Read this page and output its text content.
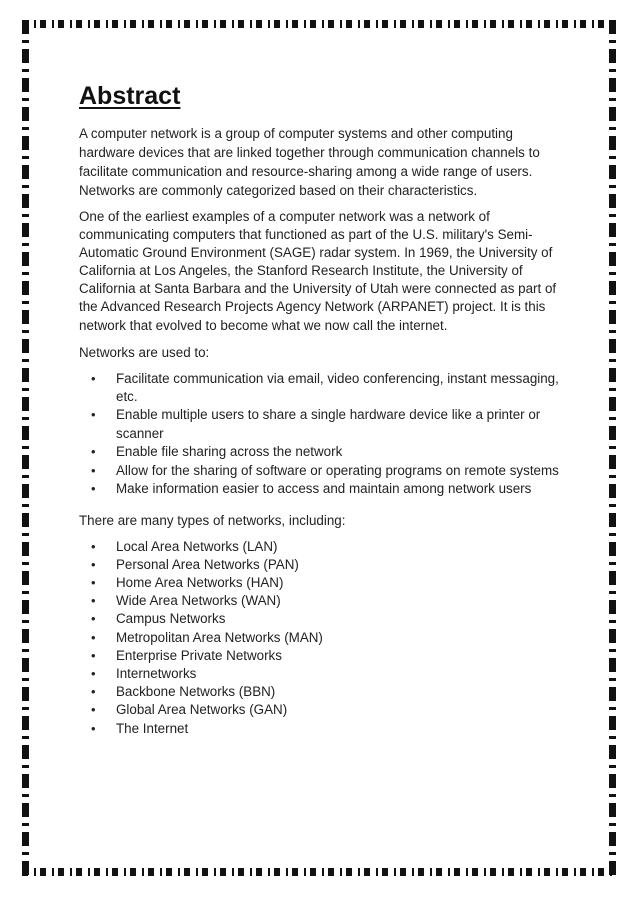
Abstract

A computer network is a group of computer systems and other computing hardware devices that are linked together through communication channels to facilitate communication and resource-sharing among a wide range of users. Networks are commonly categorized based on their characteristics.

One of the earliest examples of a computer network was a network of communicating computers that functioned as part of the U.S. military's Semi-Automatic Ground Environment (SAGE) radar system. In 1969, the University of California at Los Angeles, the Stanford Research Institute, the University of California at Santa Barbara and the University of Utah were connected as part of the Advanced Research Projects Agency Network (ARPANET) project. It is this network that evolved to become what we now call the internet.

Networks are used to:

• Facilitate communication via email, video conferencing, instant messaging, etc.
• Enable multiple users to share a single hardware device like a printer or scanner
• Enable file sharing across the network
• Allow for the sharing of software or operating programs on remote systems
• Make information easier to access and maintain among network users

There are many types of networks, including:

• Local Area Networks (LAN)
• Personal Area Networks (PAN)
• Home Area Networks (HAN)
• Wide Area Networks (WAN)
• Campus Networks
• Metropolitan Area Networks (MAN)
• Enterprise Private Networks
• Internetworks
• Backbone Networks (BBN)
• Global Area Networks (GAN)
• The Internet
